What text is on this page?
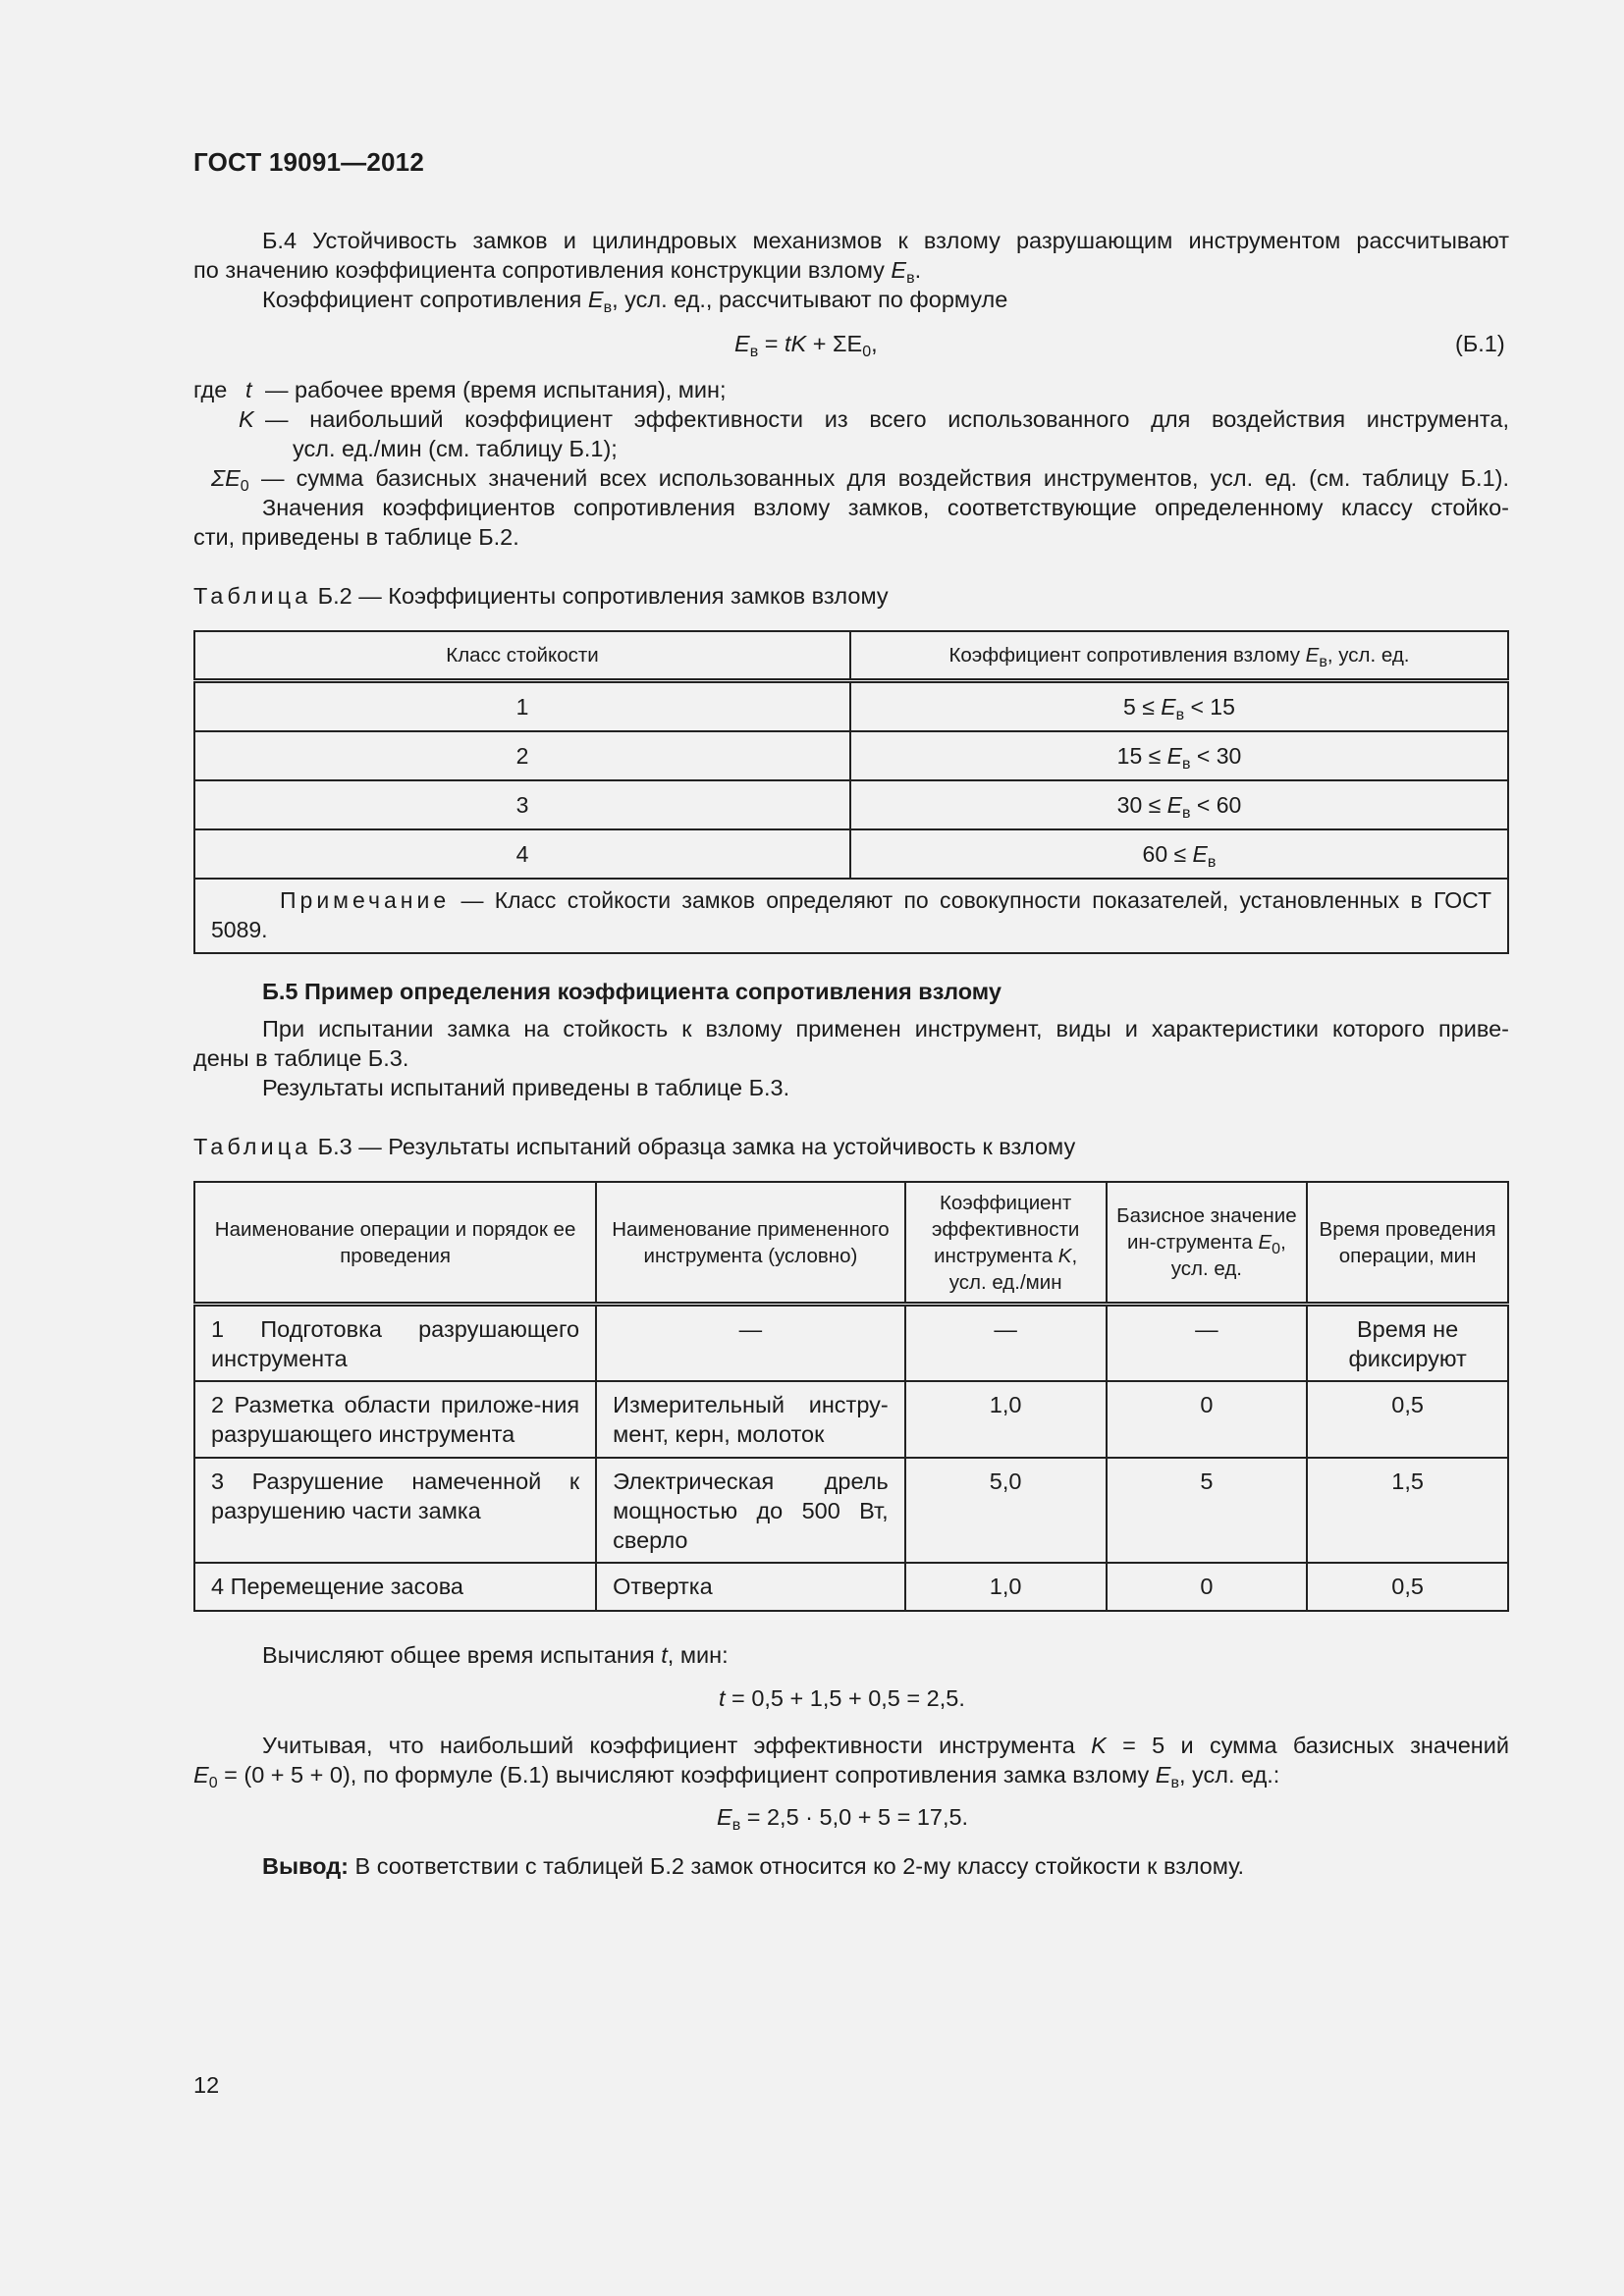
ГОСТ 19091—2012
Б.4 Устойчивость замков и цилиндровых механизмов к взлому разрушающим инструментом рассчитывают
по значению коэффициента сопротивления конструкции взлому $E_в$.
Коэффициент сопротивления $E_в$, усл. ед., рассчитывают по формуле
$E_в$ = tK + $\Sigma E_0$,	(Б.1)
где t — рабочее время (время испытания), мин;
K — наибольший коэффициент эффективности из всего использованного для воздействия инструмента,
усл. ед./мин (см. таблицу Б.1);
$\Sigma E_0$ — сумма базисных значений всех использованных для воздействия инструментов, усл. ед. (см. таблицу Б.1).
Значения коэффициентов сопротивления взлому замков, соответствующие определенному классу стойко-
сти, приведены в таблице Б.2.
Таблица Б.2 — Коэффициенты сопротивления замков взлому
Класс стойкости	Коэффициент сопротивления взлому $E_в$, усл. ед.
1	$5 \le E_в < 15$
2	$15 \le E_в < 30$
3	$30 \le E_в < 60$
4	$60 \le E_в$
Примечание — Класс стойкости замков определяют по совокупности показателей, установленных в ГОСТ 5089.	
Б.5 Пример определения коэффициента сопротивления взлому
При испытании замка на стойкость к взлому применен инструмент, виды и характеристики которого приве-
дены в таблице Б.3.
Результаты испытаний приведены в таблице Б.3.
Таблица Б.3 — Результаты испытаний образца замка на устойчивость к взлому
Наименование операции и порядок ее проведения	Наименование примененного инструмента (условно)	Коэффициент эффективности инструмента K, усл. ед./мин	Базисное значение ин-струмента $E_0$, усл. ед.	Время проведения операции, мин
1 Подготовка разрушающего инструмента	—	—	—	Время не фиксируют
2 Разметка области приложе-ния разрушающего инструмента	Измерительный инстру-мент, керн, молоток	1,0	0	0,5
3 Разрушение намеченной к разрушению части замка	Электрическая дрель мощностью до 500 Вт, сверло	5,0	5	1,5
4 Перемещение засова	Отвертка	1,0	0	0,5
Вычисляют общее время испытания t, мин:
t = 0,5 + 1,5 + 0,5 = 2,5.
Учитывая, что наибольший коэффициент эффективности инструмента K = 5 и сумма базисных значений
$E_0 = (0 + 5 + 0)$, по формуле (Б.1) вычисляют коэффициент сопротивления замка взлому $E_в$, усл. ед.:
$E_в = 2,5 \cdot 5,0 + 5 = 17,5$.
Вывод: В соответствии с таблицей Б.2 замок относится ко 2-му классу стойкости к взлому.
12
